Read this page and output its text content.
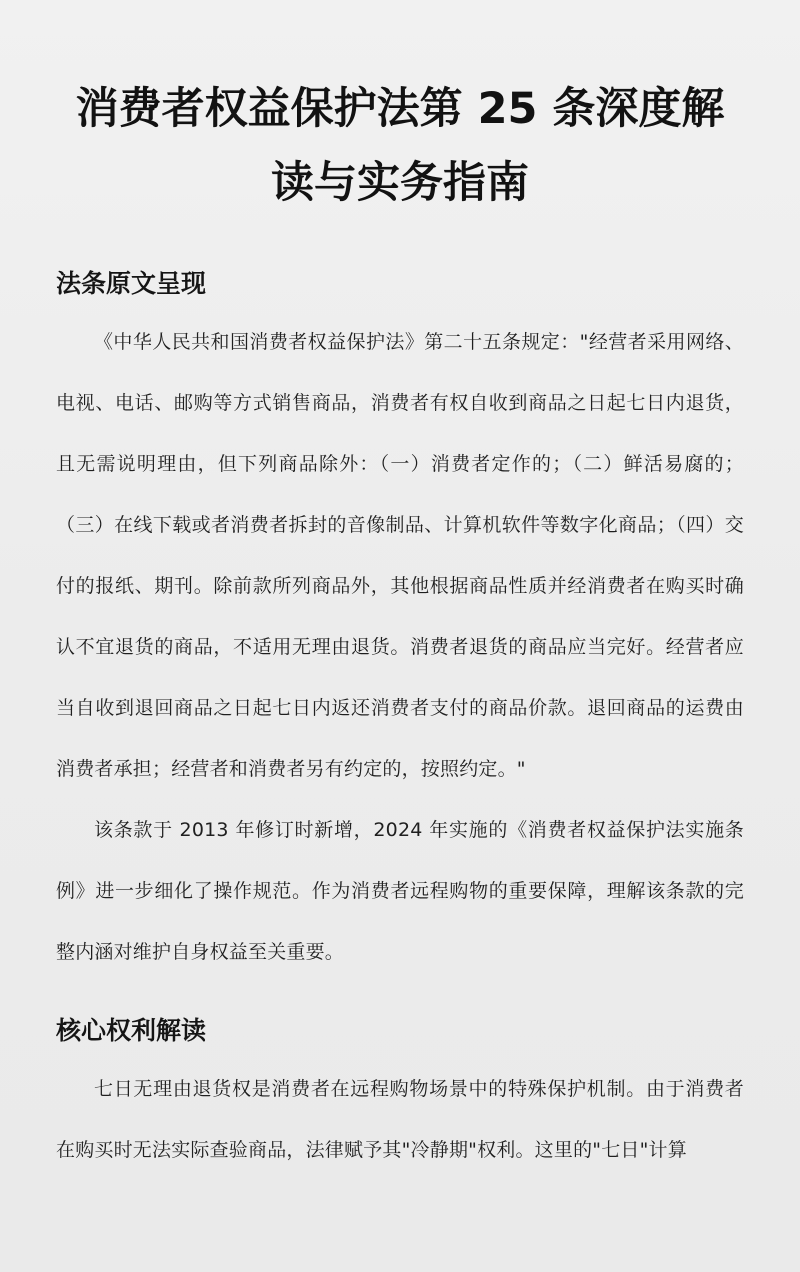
消费者权益保护法第 25 条深度解读与实务指南
法条原文呈现

《中华人民共和国消费者权益保护法》第二十五条规定："经营者采用网络、电视、电话、邮购等方式销售商品，消费者有权自收到商品之日起七日内退货，且无需说明理由，但下列商品除外：（一）消费者定作的；（二）鲜活易腐的；（三）在线下载或者消费者拆封的音像制品、计算机软件等数字化商品；（四）交付的报纸、期刊。除前款所列商品外，其他根据商品性质并经消费者在购买时确认不宜退货的商品，不适用无理由退货。消费者退货的商品应当完好。经营者应当自收到退回商品之日起七日内返还消费者支付的商品价款。退回商品的运费由消费者承担；经营者和消费者另有约定的，按照约定。"

该条款于 2013 年修订时新增，2024 年实施的《消费者权益保护法实施条例》进一步细化了操作规范。作为消费者远程购物的重要保障，理解该条款的完整内涵对维护自身权益至关重要。

核心权利解读

七日无理由退货权是消费者在远程购物场景中的特殊保护机制。由于消费者在购买时无法实际查验商品，法律赋予其"冷静期"权利。这里的"七日"计算
